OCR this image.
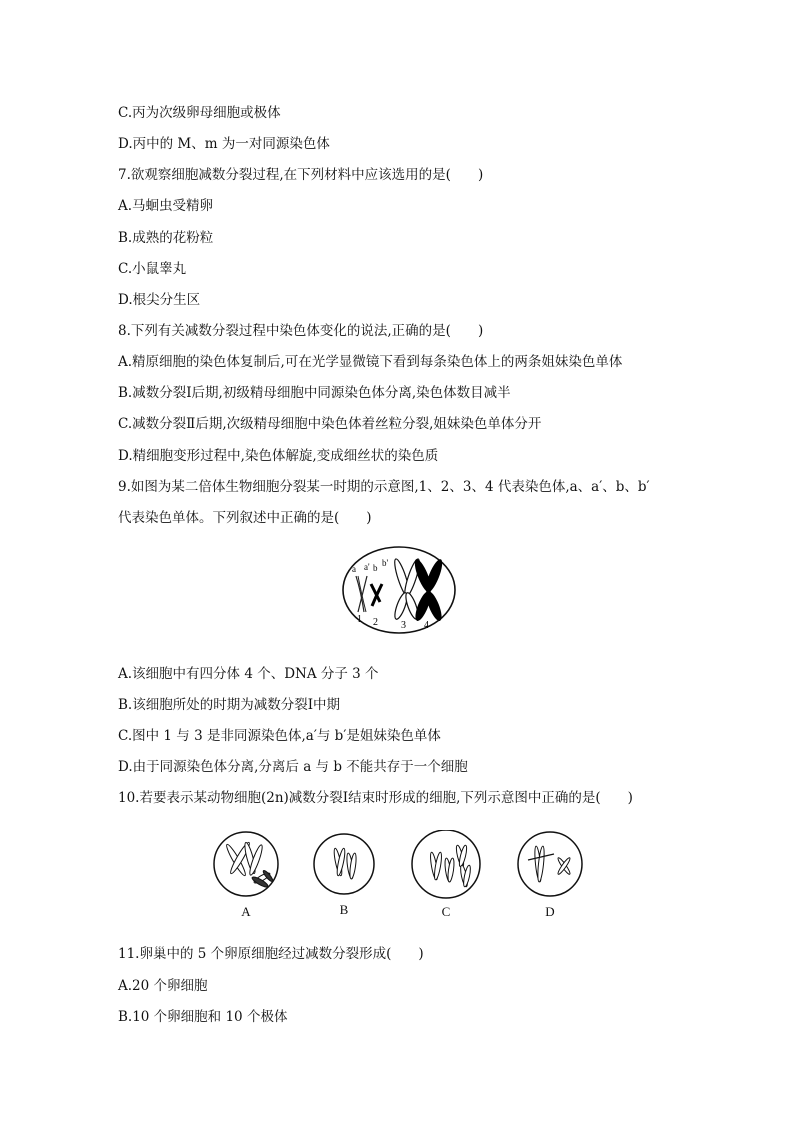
C.丙为次级卵母细胞或极体
D.丙中的 M、m 为一对同源染色体
7.欲观察细胞减数分裂过程,在下列材料中应该选用的是(　　)
A.马蛔虫受精卵
B.成熟的花粉粒
C.小鼠睾丸
D.根尖分生区
8.下列有关减数分裂过程中染色体变化的说法,正确的是(　　)
A.精原细胞的染色体复制后,可在光学显微镜下看到每条染色体上的两条姐妹染色单体
B.减数分裂Ⅰ后期,初级精母细胞中同源染色体分离,染色体数目减半
C.减数分裂Ⅱ后期,次级精母细胞中染色体着丝粒分裂,姐妹染色单体分开
D.精细胞变形过程中,染色体解旋,变成细丝状的染色质
9.如图为某二倍体生物细胞分裂某一时期的示意图,1、2、3、4 代表染色体,a、a′、b、b′
代表染色单体。下列叙述中正确的是(　　)
a a' b b'
1 2 3 4
A.该细胞中有四分体 4 个、DNA 分子 3 个
B.该细胞所处的时期为减数分裂Ⅰ中期
C.图中 1 与 3 是非同源染色体,a′与 b′是姐妹染色单体
D.由于同源染色体分离,分离后 a 与 b 不能共存于一个细胞
10.若要表示某动物细胞(2n)减数分裂Ⅰ结束时形成的细胞,下列示意图中正确的是(　　)
A	B	C	D
11.卵巢中的 5 个卵原细胞经过减数分裂形成(　　)
A.20 个卵细胞
B.10 个卵细胞和 10 个极体
